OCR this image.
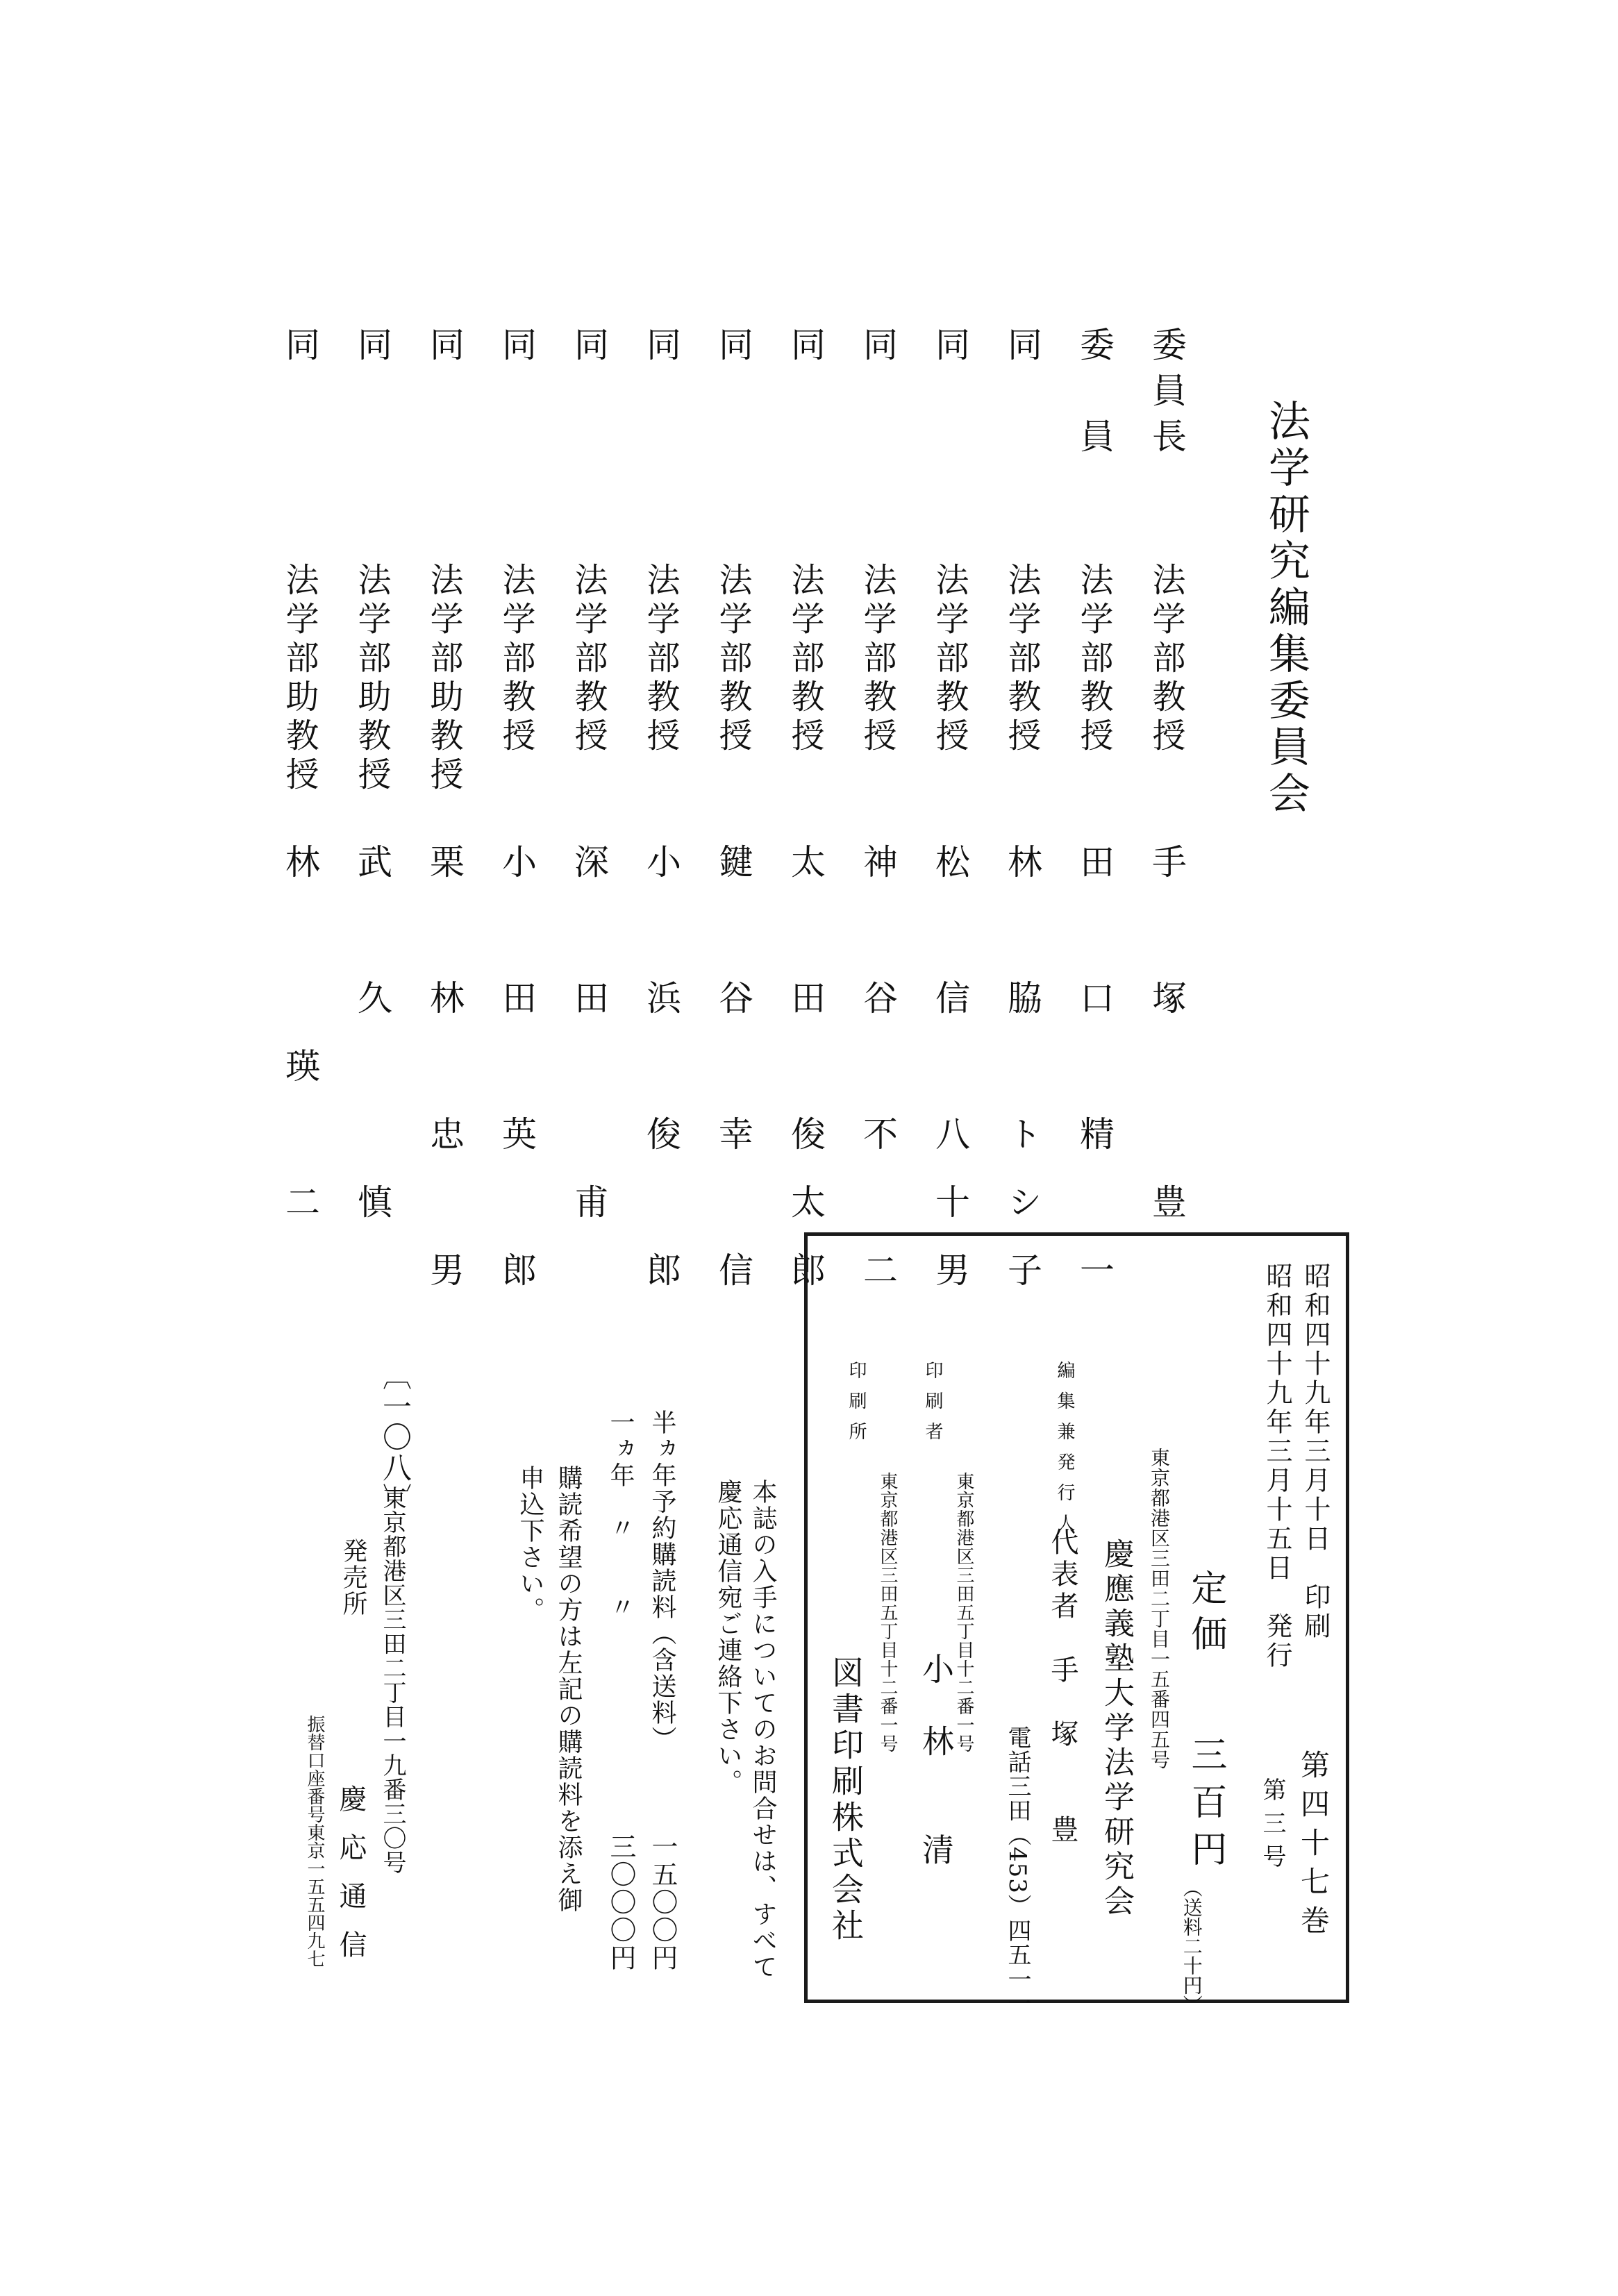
法学研究編集委員会
委員長
法学部教授
手　塚　　豊
委　員
法学部教授
田　口　精　一
同
法学部教授
林　脇　トシ子
同
法学部教授
松　信　八十男
同
法学部教授
神　谷　不　二
同
法学部教授
太　田　俊太郎
同
法学部教授
鍵　谷　幸　信
同
法学部教授
小　浜　俊　郎
同
法学部教授
深　田　　甫
同
法学部教授
小　田　英　郎
同
法学部助教授
栗　林　忠　男
同
法学部助教授
武　久　　慎
同
法学部助教授
林　　瑛　二
昭和四十九年三月十日　印刷
昭和四十九年三月十五日　発行
第四十七巻
第三号
定価
三百円
（送料二十円）
東京都港区三田二丁目一五番四五号
慶應義塾大学法学研究会
編集兼発行人
代表者　手　塚　　豊
電話三田（453）四五一一
印刷者
東京都港区三田五丁目十二番一号
小　林　　清
印刷所
東京都港区三田五丁目十二番一号
図書印刷株式会社
本誌の入手についてのお問合せは、すべて
慶応通信宛ご連絡下さい。
半ヵ年予約購読料（含送料）
一五〇〇円
一ヵ年　〃　　〃
三〇〇〇円
購読希望の方は左記の購読料を添え御
申込下さい。
〔一〇八〕
東京都港区三田二丁目一九番三〇号
発売所
慶応通信
振替口座番号東京一五五四九七
